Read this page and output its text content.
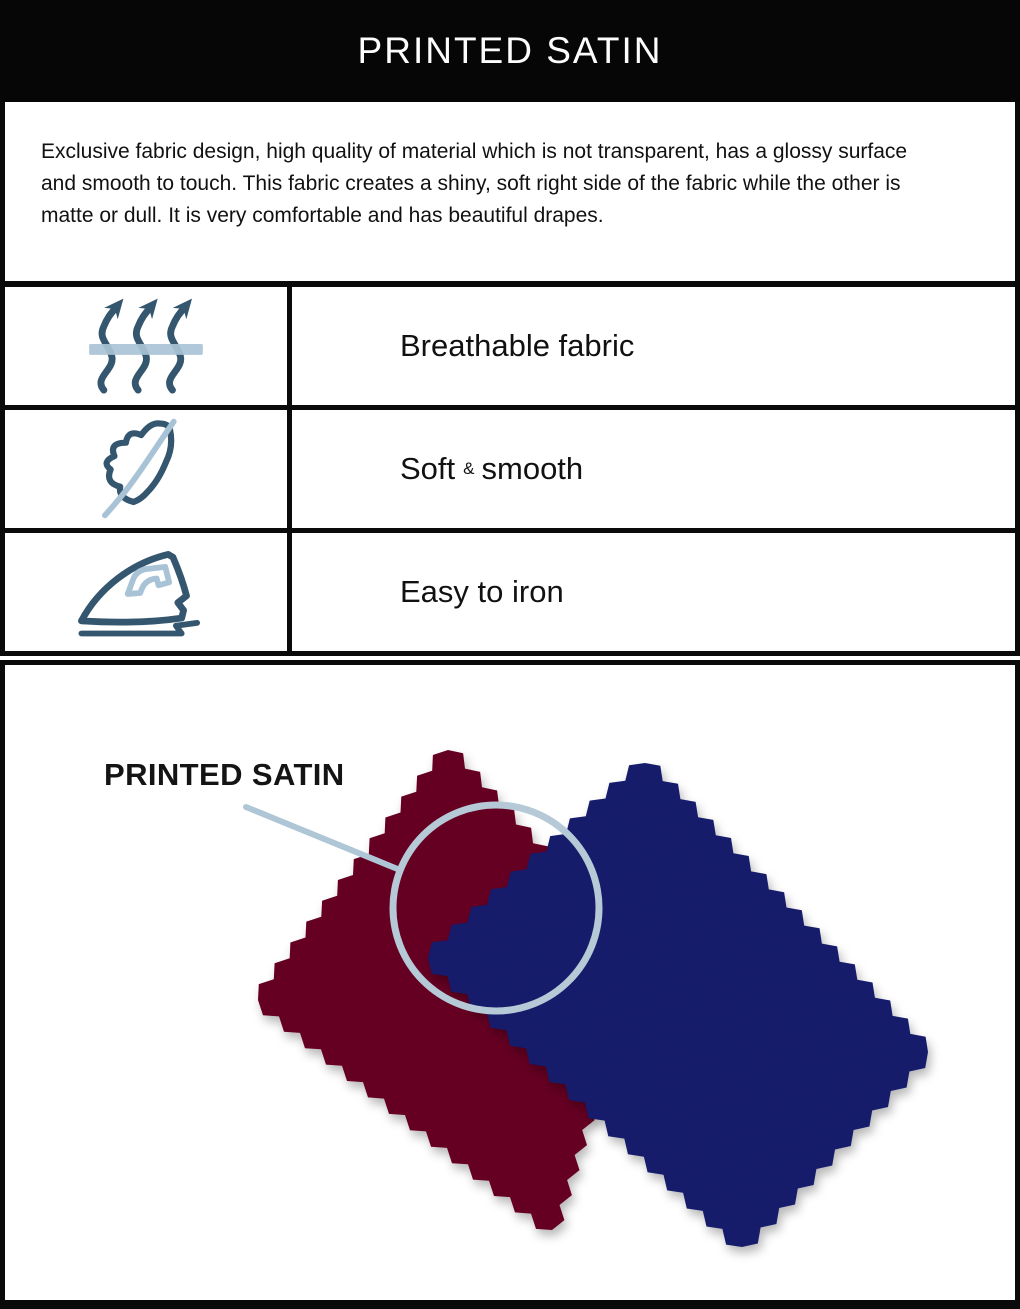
PRINTED SATIN
Exclusive fabric design, high quality of material which is not transparent, has a glossy surface
and smooth to touch. This fabric creates a shiny, soft right side of the fabric while the other is
matte or dull. It is very comfortable and has beautiful drapes.
Breathable fabric
Soft & smooth
Easy to iron
PRINTED SATIN
